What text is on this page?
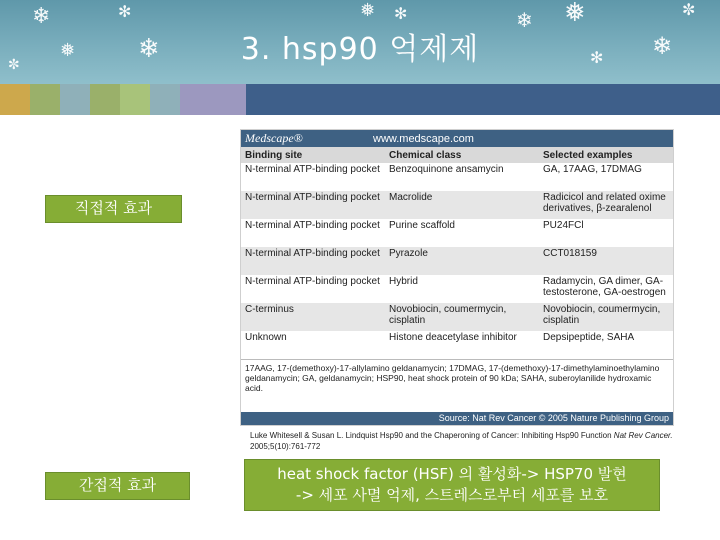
❄
❅
✻
❄
✼
❅ ✻	❄ ❅
✻ ❄
✼
3. hsp90 억제제
직접적 효과
Medscape®	www.medscape.com
Binding site	Chemical class	Selected examples
N-terminal ATP-binding pocket	Benzoquinone ansamycin	GA, 17AAG, 17DMAG
N-terminal ATP-binding pocket	Macrolide	Radicicol and related oxime derivatives, β-zearalenol
N-terminal ATP-binding pocket	Purine scaffold	PU24FCl
N-terminal ATP-binding pocket	Pyrazole	CCT018159
N-terminal ATP-binding pocket	Hybrid	Radamycin, GA dimer, GA-testosterone, GA-oestrogen
C-terminus	Novobiocin, coumermycin, cisplatin	Novobiocin, coumermycin, cisplatin
Unknown	Histone deacetylase inhibitor	Depsipeptide, SAHA
17AAG, 17-(demethoxy)-17-allylamino geldanamycin; 17DMAG, 17-(demethoxy)-17-dimethylaminoethylamino geldanamycin; GA, geldanamycin; HSP90, heat shock protein of 90 kDa; SAHA, suberoylanilide hydroxamic acid.
Source: Nat Rev Cancer © 2005 Nature Publishing Group
Luke Whitesell & Susan L. Lindquist Hsp90 and the Chaperoning of Cancer: Inhibiting Hsp90 Function Nat Rev Cancer.
2005;5(10):761-772
간접적 효과
heat shock factor (HSF) 의 활성화-> HSP70 발현
-> 세포 사멸 억제, 스트레스로부터 세포를 보호
